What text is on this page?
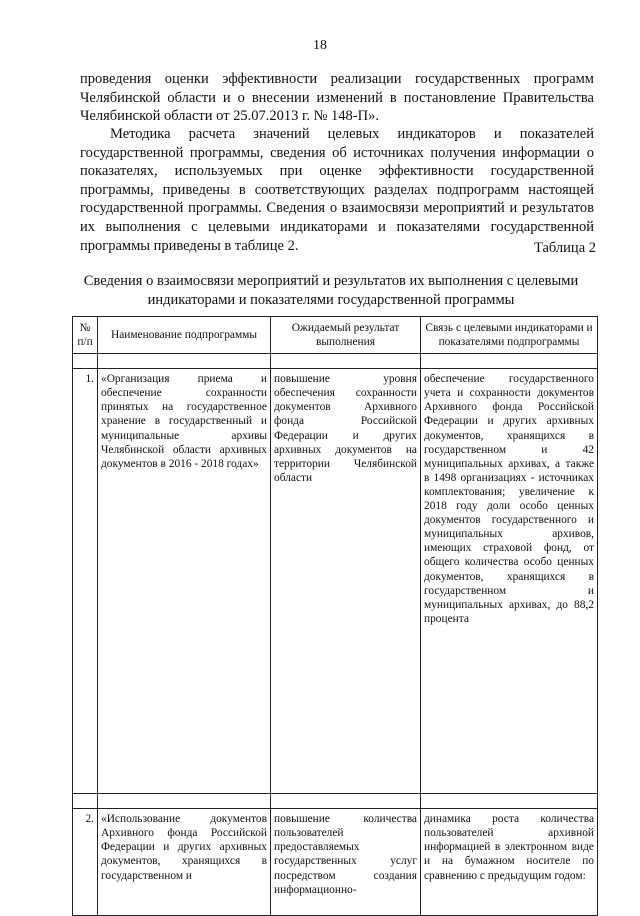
18
проведения оценки эффективности реализации государственных программ Челябинской области и о внесении изменений в постановление Правительства Челябинской области от 25.07.2013 г. № 148-П».
Методика расчета значений целевых индикаторов и показателей государственной программы, сведения об источниках получения информации о показателях, используемых при оценке эффективности государственной программы, приведены в соответствующих разделах подпрограмм настоящей государственной программы. Сведения о взаимосвязи мероприятий и результатов их выполнения с целевыми индикаторами и показателями государственной программы приведены в таблице 2.	Таблица 2
Сведения о взаимосвязи мероприятий и результатов их выполнения с целевыми индикаторами и показателями государственной программы
№ п/п	Наименование подпрограммы	Ожидаемый результат выполнения	Связь с целевыми индикаторами и показателями подпрограммы

1.	«Организация приема и обеспечение сохранности принятых на государственное хранение в государственный и муниципальные архивы Челябинской области архивных документов в 2016 - 2018 годах»	повышение уровня обеспечения сохранности документов Архивного фонда Российской Федерации и других архивных документов на территории Челябинской области	обеспечение государственного учета и сохранности документов Архивного фонда Российской Федерации и других архивных документов, хранящихся в государственном и 42 муниципальных архивах, а также в 1498 организациях - источниках комплектования; увеличение к 2018 году доли особо ценных документов государственного и муниципальных архивов, имеющих страховой фонд, от общего количества особо ценных документов, хранящихся в государственном и муниципальных архивах, до 88,2 процента

2.	«Использование документов Архивного фонда Российской Федерации и других архивных документов, хранящихся в государственном и	повышение количества пользователей предоставляемых государственных услуг посредством создания информационно-	динамика роста количества пользователей архивной информацией в электронном виде и на бумажном носителе по сравнению с предыдущим годом:
